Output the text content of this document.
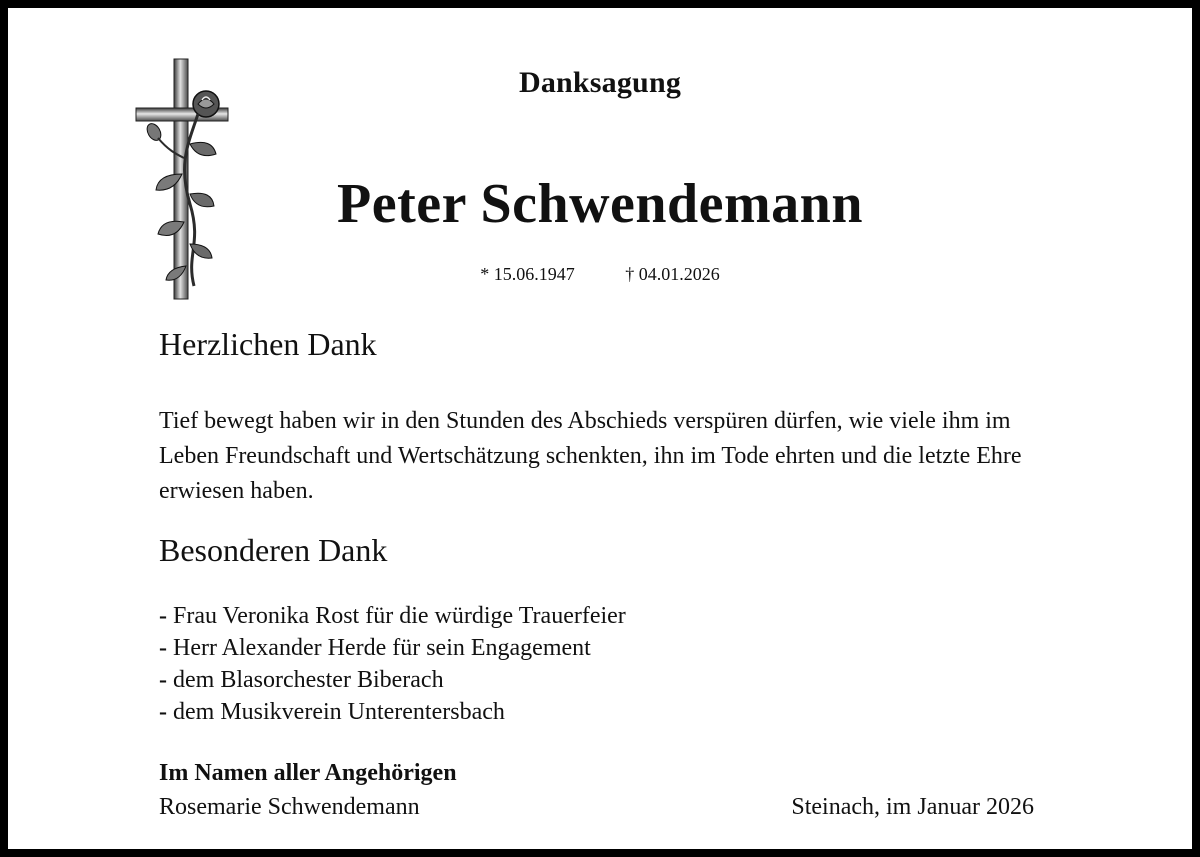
Danksagung
Peter Schwendemann
* 15.06.1947	† 04.01.2026
Herzlichen Dank
Tief bewegt haben wir in den Stunden des Abschieds verspüren dürfen, wie viele ihm im Leben Freundschaft und Wertschätzung schenkten, ihn im Tode ehrten und die letzte Ehre erwiesen haben.
Besonderen Dank
- Frau Veronika Rost für die würdige Trauerfeier
- Herr Alexander Herde für sein Engagement
- dem Blasorchester Biberach
- dem Musikverein Unterentersbach
Im Namen aller Angehörigen
Rosemarie Schwendemann	Steinach, im Januar 2026
